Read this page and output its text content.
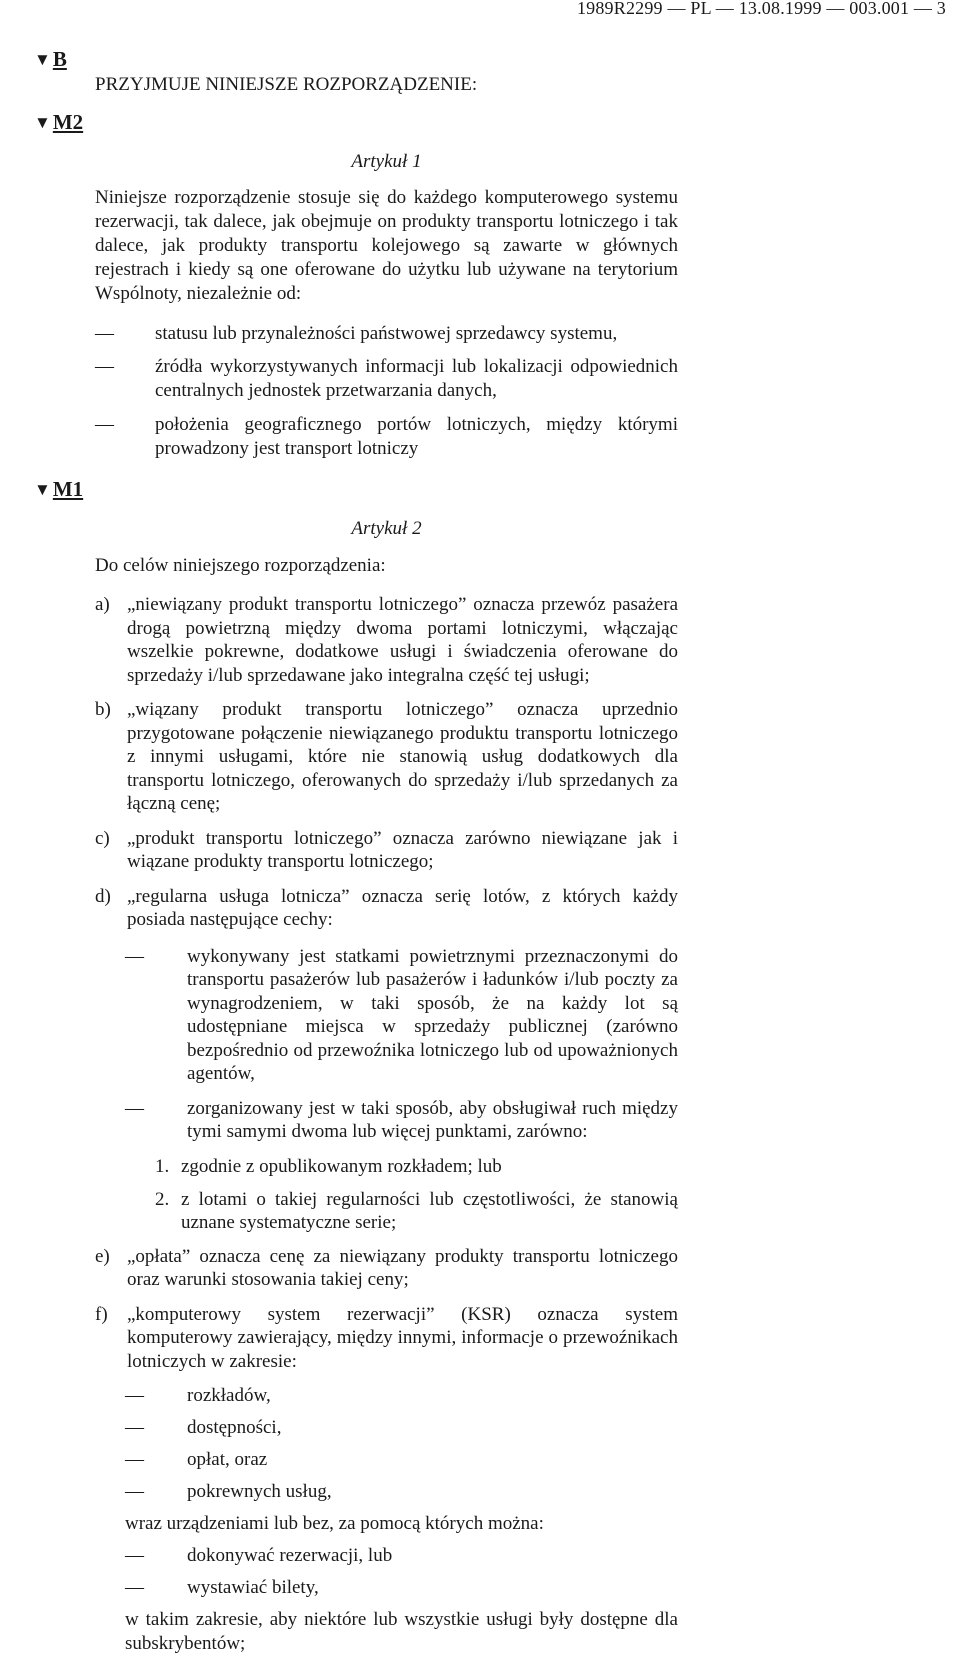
1989R2299 — PL — 13.08.1999 — 003.001 — 3
▼B

PRZYJMUJE NINIEJSZE ROZPORZĄDZENIE:

▼M2
Artykuł 1

Niniejsze rozporządzenie stosuje się do każdego komputerowego systemu rezerwacji, tak dalece, jak obejmuje on produkty transportu lotniczego i tak dalece, jak produkty transportu kolejowego są zawarte w głównych rejestrach i kiedy są one oferowane do użytku lub używane na terytorium Wspólnoty, niezależnie od:

—	statusu lub przynależności państwowej sprzedawcy systemu,

—	źródła wykorzystywanych informacji lub lokalizacji odpowiednich centralnych jednostek przetwarzania danych,

—	położenia geograficznego portów lotniczych, między którymi prowadzony jest transport lotniczy

▼M1
Artykuł 2

Do celów niniejszego rozporządzenia:

a) „niewiązany produkt transportu lotniczego” oznacza przewóz pasażera drogą powietrzną między dwoma portami lotniczymi, włączając wszelkie pokrewne, dodatkowe usługi i świadczenia oferowane do sprzedaży i/lub sprzedawane jako integralna część tej usługi;

b) „wiązany produkt transportu lotniczego” oznacza uprzednio przygotowane połączenie niewiązanego produktu transportu lotniczego z innymi usługami, które nie stanowią usług dodatkowych dla transportu lotniczego, oferowanych do sprzedaży i/lub sprzedanych za łączną cenę;

c) „produkt transportu lotniczego” oznacza zarówno niewiązane jak i wiązane produkty transportu lotniczego;

d) „regularna usługa lotnicza” oznacza serię lotów, z których każdy posiada następujące cechy:

— wykonywany jest statkami powietrznymi przeznaczonymi do transportu pasażerów lub pasażerów i ładunków i/lub poczty za wynagrodzeniem, w taki sposób, że na każdy lot są udostępniane miejsca w sprzedaży publicznej (zarówno bezpośrednio od przewoźnika lotniczego lub od upoważnionych agentów,

— zorganizowany jest w taki sposób, aby obsługiwał ruch między tymi samymi dwoma lub więcej punktami, zarówno:

1. zgodnie z opublikowanym rozkładem; lub

2. z lotami o takiej regularności lub częstotliwości, że stanowią uznane systematyczne serie;

e) „opłata” oznacza cenę za niewiązany produkty transportu lotniczego oraz warunki stosowania takiej ceny;

f) „komputerowy system rezerwacji” (KSR) oznacza system komputerowy zawierający, między innymi, informacje o przewoźnikach lotniczych w zakresie:

— rozkładów,

— dostępności,

— opłat, oraz

— pokrewnych usług,

wraz urządzeniami lub bez, za pomocą których można:

— dokonywać rezerwacji, lub

— wystawiać bilety,

w takim zakresie, aby niektóre lub wszystkie usługi były dostępne dla subskrybentów;
